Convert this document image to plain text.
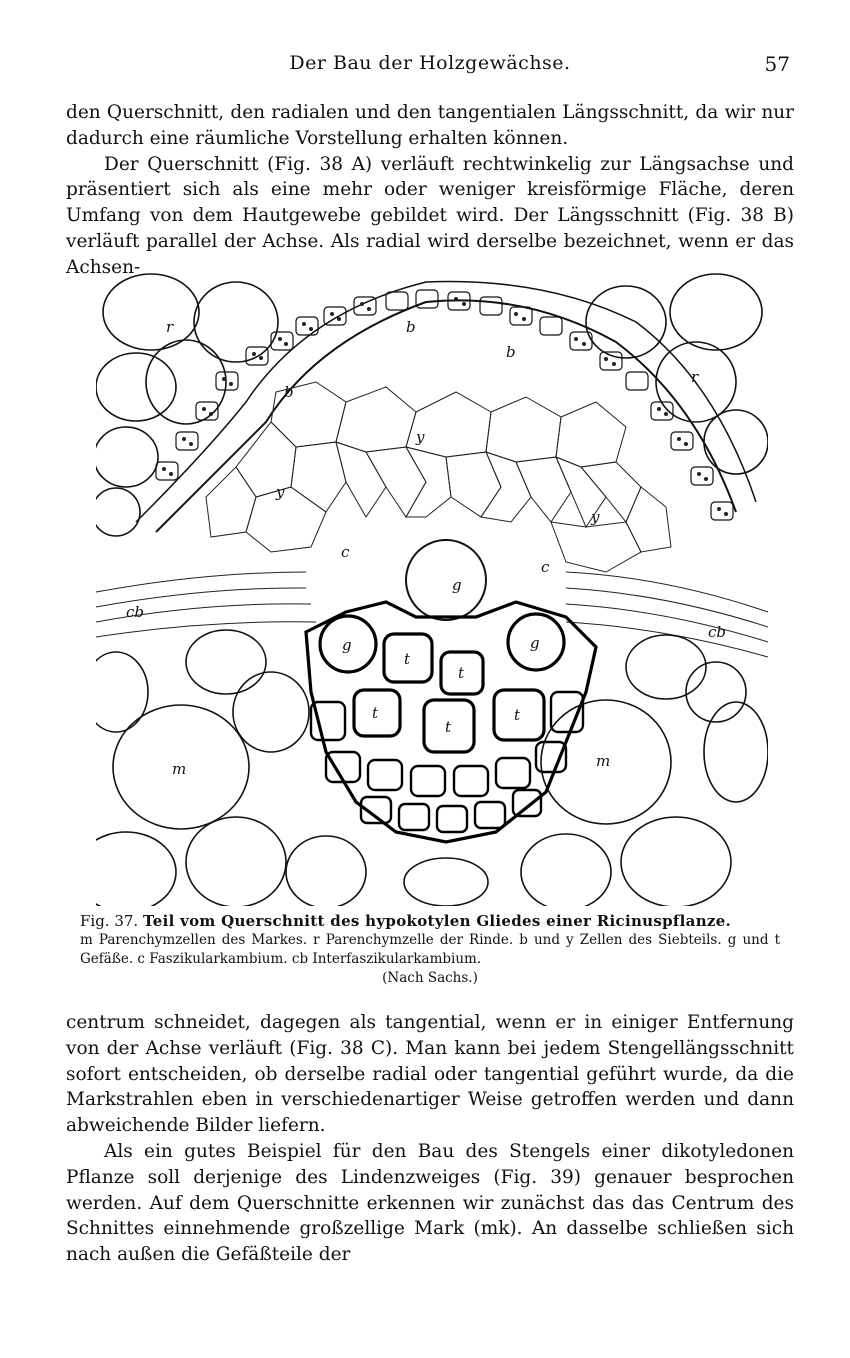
Der Bau der Holzgewächse.	57

den Querschnitt, den radialen und den tangentialen Längsschnitt, da wir nur dadurch eine räumliche Vorstellung erhalten können.

Der Querschnitt (Fig. 38 A) verläuft rechtwinkelig zur Längsachse und präsentiert sich als eine mehr oder weniger kreisförmige Fläche, deren Umfang von dem Hautgewebe gebildet wird. Der Längsschnitt (Fig. 38 B) verläuft parallel der Achse. Als radial wird derselbe bezeichnet, wenn er das Achsen-

r
r
b
b
b
y
y
y
c
c
g
g	g
t
t
t
t
t
cb
cb
m	m
Fig. 37. Teil vom Querschnitt des hypokotylen Gliedes einer Ricinuspflanze.

m Parenchymzellen des Markes. r Parenchymzelle der Rinde. b und y Zellen des Siebteils. g und t Gefäße. c Faszikularkambium. cb Interfaszikularkambium.

(Nach Sachs.)

centrum schneidet, dagegen als tangential, wenn er in einiger Entfernung von der Achse verläuft (Fig. 38 C). Man kann bei jedem Stengellängsschnitt sofort entscheiden, ob derselbe radial oder tangential geführt wurde, da die Markstrahlen eben in verschiedenartiger Weise getroffen werden und dann abweichende Bilder liefern.

Als ein gutes Beispiel für den Bau des Stengels einer dikotyledonen Pflanze soll derjenige des Lindenzweiges (Fig. 39) genauer besprochen werden. Auf dem Querschnitte erkennen wir zunächst das das Centrum des Schnittes einnehmende großzellige Mark (mk). An dasselbe schließen sich nach außen die Gefäßteile der
